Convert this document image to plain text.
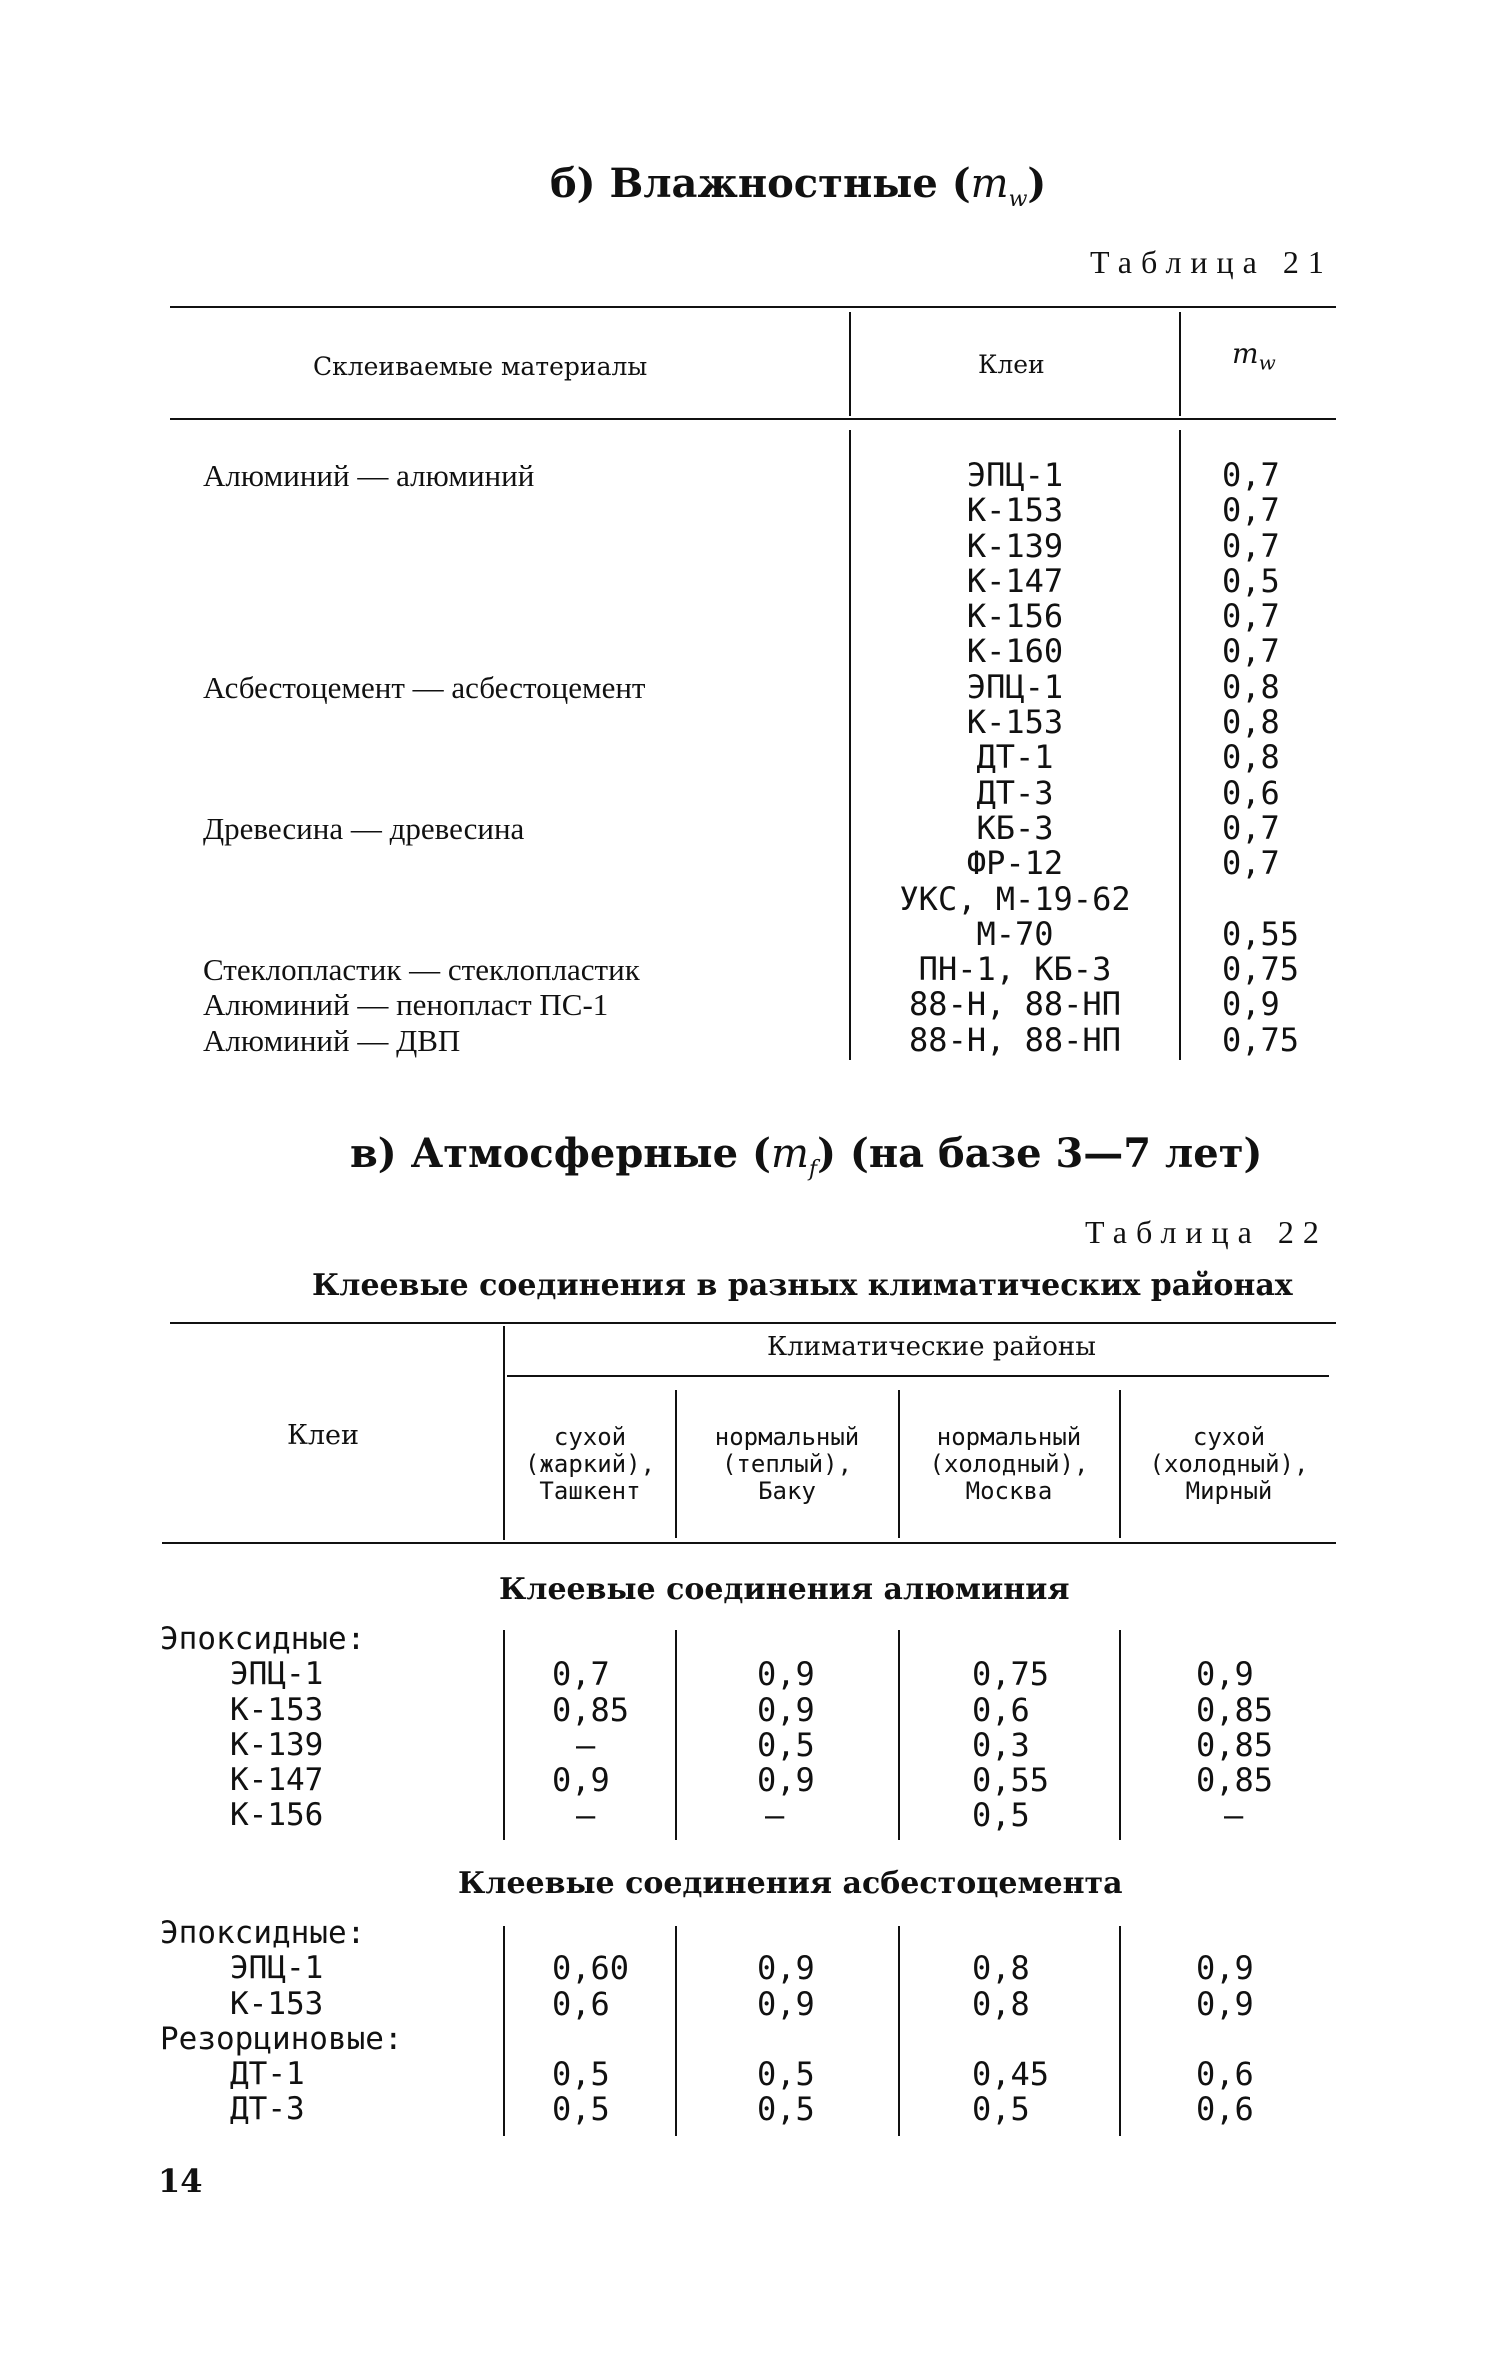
б) Влажностные $(m_w)$
Таблица 21
Склеиваемые материалы	Клеи	$m_w$
Алюминий — алюминий
Асбестоцемент — асбестоцемент
Древесина — древесина
Стеклопластик — стеклопластик
Алюминий — пенопласт ПС-1
Алюминий — ДВП
ЭПЦ-1
К-153
К-139
К-147
К-156
К-160
ЭПЦ-1
К-153
ДТ-1
ДТ-3
КБ-3
ФР-12
УКС, М-19-62
М-70
ПН-1, КБ-3
88-Н, 88-НП
88-Н, 88-НП
0,7
0,7
0,7
0,5
0,7
0,7
0,8
0,8
0,8
0,6
0,7
0,7
0,55
0,75
0,9
0,75
в) Атмосферные $(m_f)$ (на базе 3—7 лет)
Таблица 22
Клеевые соединения в разных климатических районах
Клеи
Климатические районы
сухой
(жаркий),
Ташкент
нормальный
(теплый),
Баку
нормальный
(холодный),
Москва
сухой
(холодный),
Мирный
Клеевые соединения алюминия
Эпоксидные:
ЭПЦ-1
К-153
К-139
К-147
К-156
0,7
0,85
—
0,9
—
0,9
0,9
0,5
0,9
—
0,75
0,6
0,3
0,55
0,5
0,9
0,85
0,85
0,85
—
Клеевые соединения асбестоцемента
Эпоксидные:
ЭПЦ-1
К-153
Резорциновые:
ДТ-1
ДТ-3
0,60
0,6
0,5
0,5
0,9
0,9
0,5
0,5
0,8
0,8
0,45
0,5
0,9
0,9
0,6
0,6
14
